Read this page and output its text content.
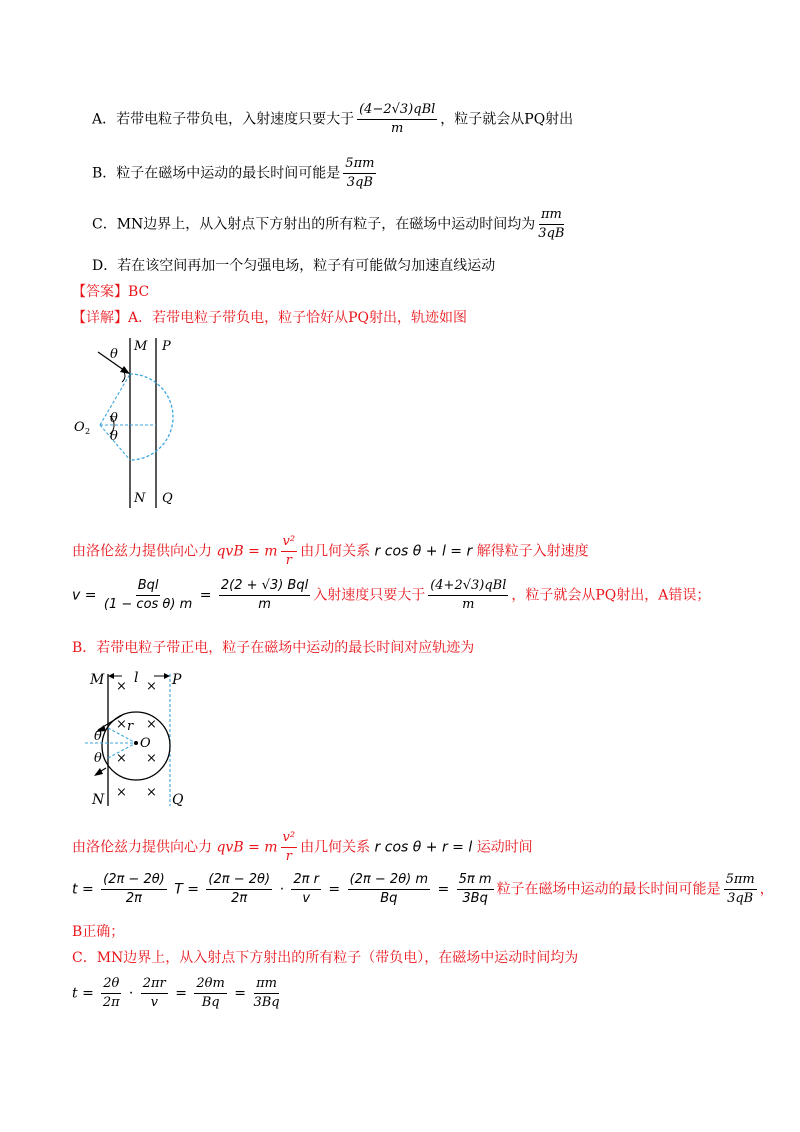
A．若带电粒子带负电，入射速度只要大于 $\frac{\text{(4−2√3)qBl}}{m}$ ，粒子就会从PQ射出
B．粒子在磁场中运动的最长时间可能是 $\frac{5\pi m}{3qB}$
C．MN边界上，从入射点下方射出的所有粒子，在磁场中运动时间均为 $\frac{\pi m}{3qB}$
D．若在该空间再加一个匀强电场，粒子有可能做匀加速直线运动
【答案】BC
【详解】A．若带电粒子带负电，粒子恰好从PQ射出，轨迹如图
θ
θ
θ
M P
N Q
O 2
由洛伦兹力提供向心力 qvB = m $\frac{\text{v²}}{r}$ 由几何关系 r cos θ + l = r 解得粒子入射速度
$v = \frac{\text{Bql}}{\text{(1 − cos θ) m}} = \frac{\text{2(2 + √3) Bql}}{m}$ 入射速度只要大于 $\frac{\text{(4+2√3)qBl}}{m}$ ，粒子就会从PQ射出，A错误；
B．若带电粒子带正电，粒子在磁场中运动的最长时间对应轨迹为
M	P
N	Q
l
r
O
θ
θ
× ×
× ×
× ×
× ×
由洛伦兹力提供向心力 qvB = m $\frac{\text{v²}}{r}$ 由几何关系 r cos θ + r = l 运动时间
$t = \frac{(2\pi - 2\theta)}{2\pi}$ $T = \frac{(2\pi - 2\theta)}{2\pi} \cdot \frac{\text{2π r}}{v} = \frac{(2\pi - 2\theta) m}{Bq} = \frac{\text{5π m}}{3Bq}$ 粒子在磁场中运动的最长时间可能是 $\frac{5\pi m}{3qB}$ ，
B正确；
C．MN边界上，从入射点下方射出的所有粒子（带负电），在磁场中运动时间均为
$t = \frac{2\theta}{2\pi} \cdot \frac{2\pi r}{v} = \frac{2\theta m}{Bq} = \frac{\pi m}{3Bq}$
